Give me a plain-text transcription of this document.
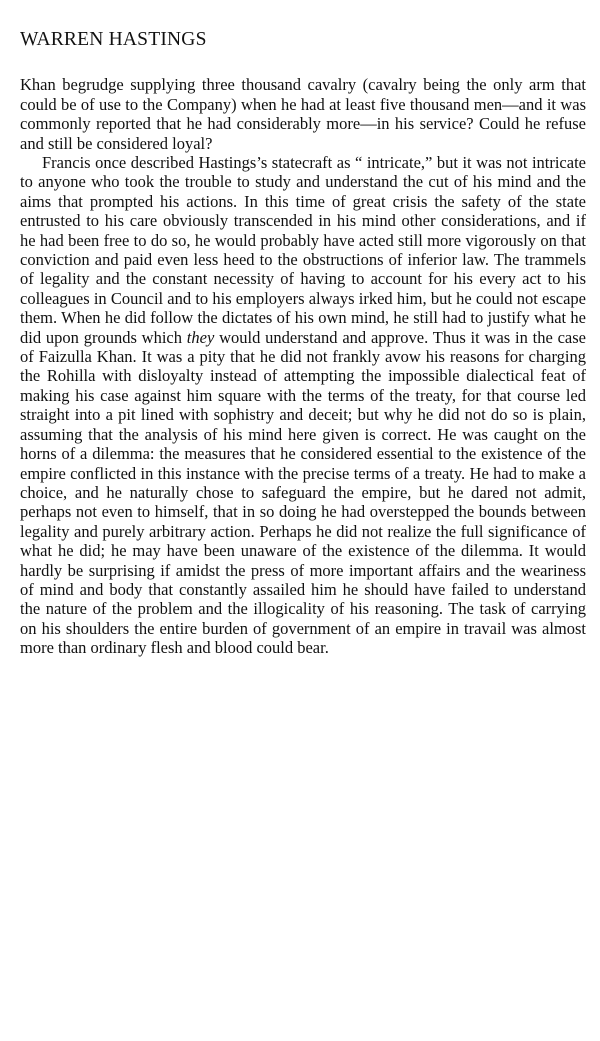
WARREN HASTINGS

Khan begrudge supplying three thousand cavalry (cavalry being the only arm that could be of use to the Company) when he had at least five thousand men—and it was commonly reported that he had considerably more—in his service? Could he refuse and still be considered loyal?

Francis once described Hastings’s statecraft as “ intricate,” but it was not intricate to anyone who took the trouble to study and understand the cut of his mind and the aims that prompted his actions. In this time of great crisis the safety of the state entrusted to his care obviously transcended in his mind other considerations, and if he had been free to do so, he would probably have acted still more vigorously on that conviction and paid even less heed to the obstructions of inferior law. The trammels of legality and the constant necessity of having to account for his every act to his colleagues in Council and to his employers always irked him, but he could not escape them. When he did follow the dictates of his own mind, he still had to justify what he did upon grounds which they would understand and approve. Thus it was in the case of Faizulla Khan. It was a pity that he did not frankly avow his reasons for charging the Rohilla with disloyalty instead of attempting the impossible dialectical feat of making his case against him square with the terms of the treaty, for that course led straight into a pit lined with sophistry and deceit; but why he did not do so is plain, assuming that the analysis of his mind here given is correct. He was caught on the horns of a dilemma: the measures that he considered essential to the existence of the empire conflicted in this instance with the precise terms of a treaty. He had to make a choice, and he naturally chose to safeguard the empire, but he dared not admit, perhaps not even to himself, that in so doing he had overstepped the bounds between legality and purely arbitrary action. Perhaps he did not realize the full significance of what he did; he may have been unaware of the existence of the dilemma. It would hardly be surprising if amidst the press of more important affairs and the weariness of mind and body that constantly assailed him he should have failed to understand the nature of the problem and the illogicality of his reasoning. The task of carrying on his shoulders the entire burden of government of an empire in travail was almost more than ordinary flesh and blood could bear.
